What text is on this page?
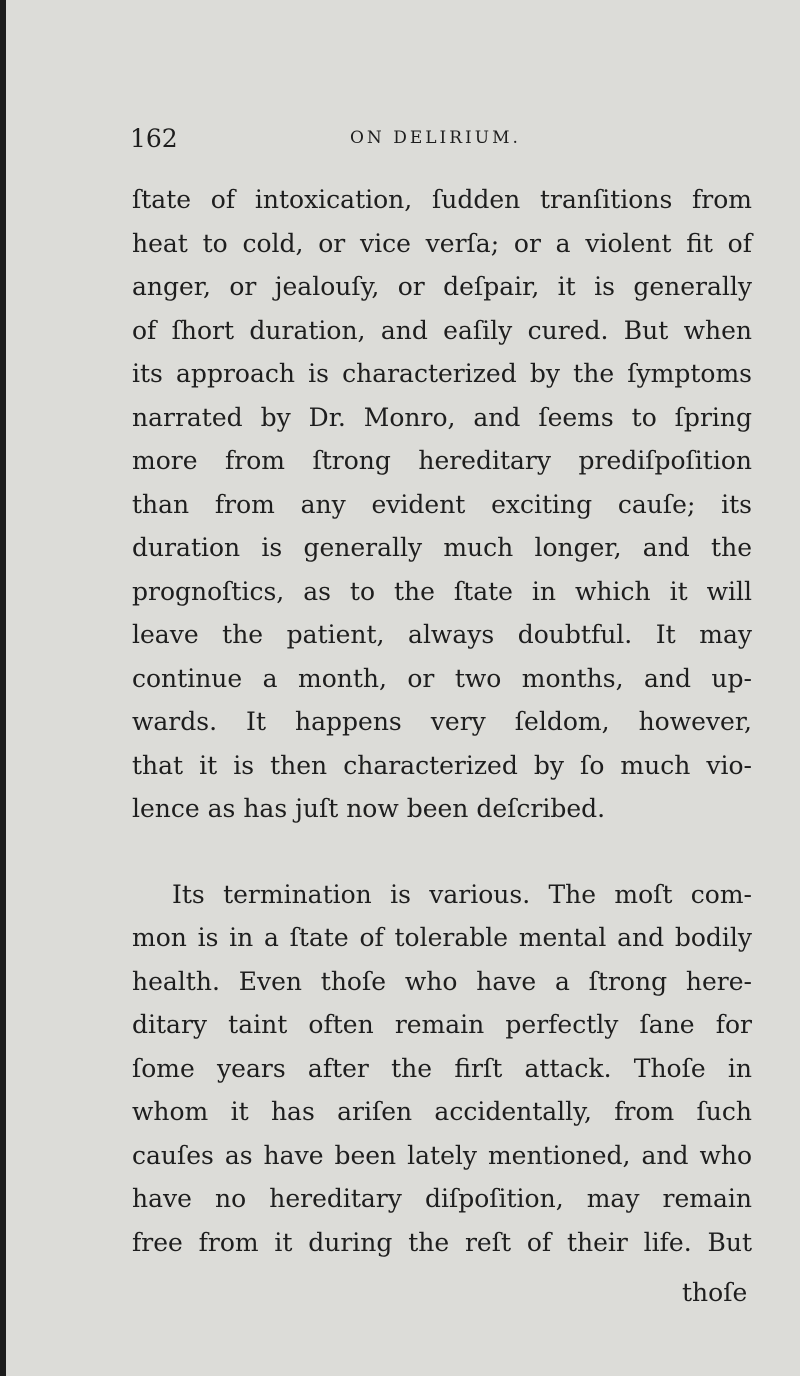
162	ON DELIRIUM.
ſtate of intoxication, ſudden tranſitions from
heat to cold, or vice verſa; or a violent fit of
anger, or jealouſy, or deſpair, it is generally
of ſhort duration, and eaſily cured. But when
its approach is characterized by the ſymptoms
narrated by Dr. Monro, and ſeems to ſpring
more from ſtrong hereditary prediſpoſition
than from any evident exciting cauſe; its
duration is generally much longer, and the
prognoſtics, as to the ſtate in which it will
leave the patient, always doubtful. It may
continue a month, or two months, and up-
wards. It happens very ſeldom, however,
that it is then characterized by ſo much vio-
lence as has juſt now been deſcribed.
Its termination is various. The moſt com-
mon is in a ſtate of tolerable mental and bodily
health. Even thoſe who have a ſtrong here-
ditary taint often remain perfectly ſane for
ſome years after the firſt attack. Thoſe in
whom it has ariſen accidentally, from ſuch
cauſes as have been lately mentioned, and who
have no hereditary diſpoſition, may remain
free from it during the reſt of their life. But
thoſe
